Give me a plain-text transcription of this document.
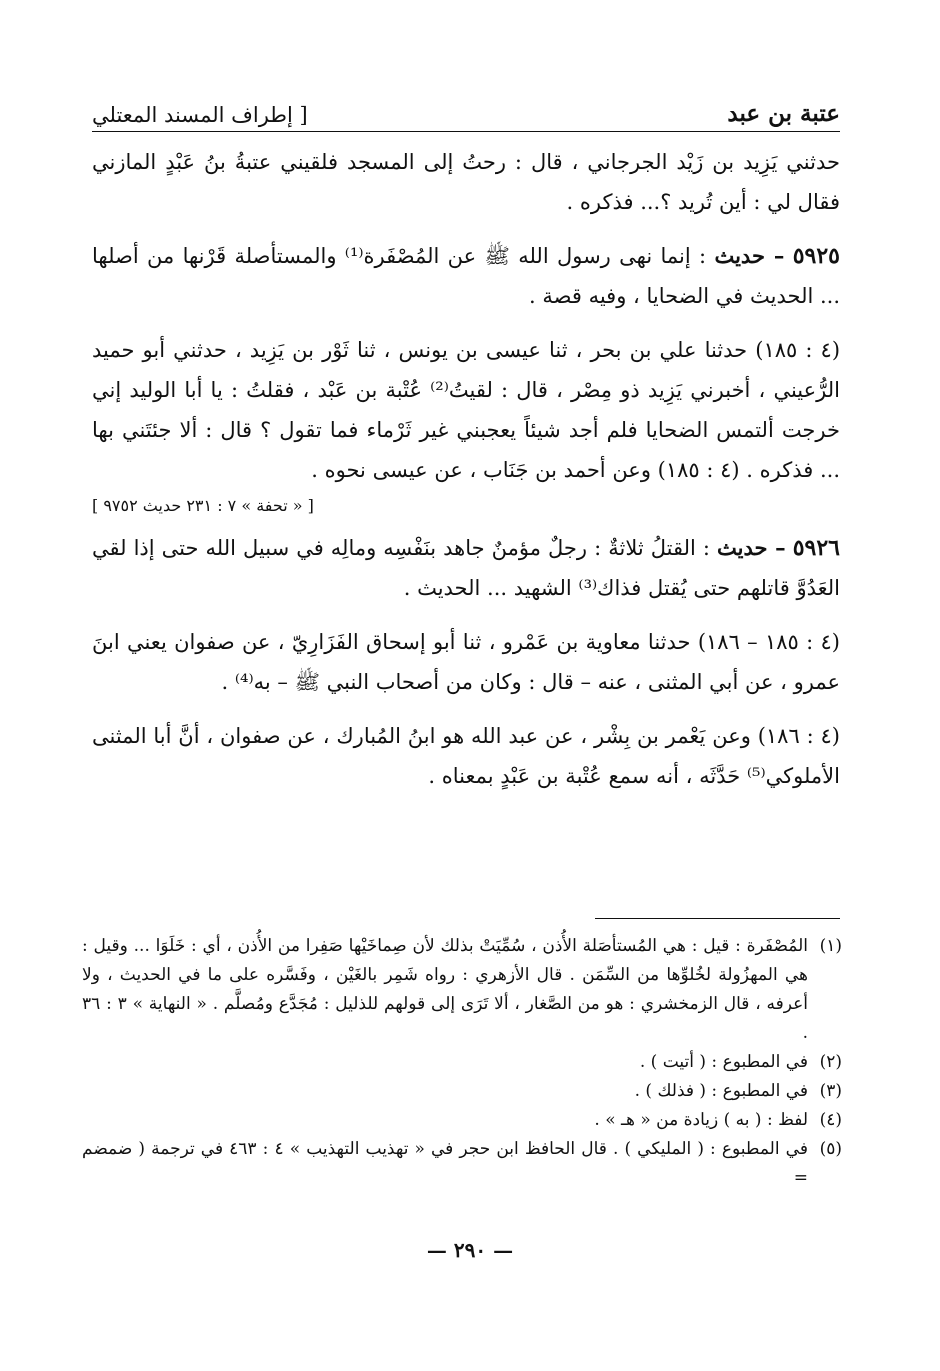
عتبة بن عبد
[ إطراف المسند المعتلي

حدثني يَزِيد بن زَيْد الجرجاني ، قال : رحتُ إلى المسجد فلقيني عتبةُ بنُ عَبْدٍ المازني فقال لي : أين تُريد ؟... فذكره .

٥٩٢٥ – حديث : إنما نهى رسول الله ﷺ عن المُصْفَرة⁽¹⁾ والمستأصلة قَرْنها من أصلها ... الحديث في الضحايا ، وفيه قصة .

(٤ : ١٨٥) حدثنا علي بن بحر ، ثنا عيسى بن يونس ، ثنا ثَوْر بن يَزِيد ، حدثني أبو حميد الرُّعيني ، أخبرني يَزِيد ذو مِصْر ، قال : لقيتُ⁽²⁾ عُتْبة بن عَبْد ، فقلتُ : يا أبا الوليد إني خرجت ألتمس الضحايا فلم أجد شيئاً يعجبني غير ثَرْماء فما تقول ؟ قال : ألا جئتَني بها ... فذكره . (٤ : ١٨٥) وعن أحمد بن جَنَاب ، عن عيسى نحوه .

[ « تحفة » ٧ : ٢٣١ حديث ٩٧٥٢ ]

٥٩٢٦ – حديث : القتلُ ثلاثةٌ : رجلٌ مؤمنٌ جاهد بنَفْسِه ومالِه في سبيل الله حتى إذا لقي العَدُوَّ قاتلهم حتى يُقتل فذاك⁽³⁾ الشهيد ... الحديث .

(٤ : ١٨٥ – ١٨٦) حدثنا معاوية بن عَمْرو ، ثنا أبو إسحاق الفَزَارِيّ ، عن صفوان يعني ابنَ عمرو ، عن أبي المثنى ، عنه – قال : وكان من أصحاب النبي ﷺ – به⁽⁴⁾ .

(٤ : ١٨٦) وعن يَعْمر بن بِشْر ، عن عبد الله هو ابنُ المُبارك ، عن صفوان ، أنَّ أبا المثنى الأملوكي⁽⁵⁾ حَدَّثَه ، أنه سمع عُتْبة بن عَبْدٍ بمعناه .

(١)
المُصْفَرة : قيل : هي المُستأصَلة الأُذن ، سُمِّيَتْ بذلك لأن صِماخَيْها صَفِرا من الأُذن ، أي : خَلَوَا ... وقيل : هي المهزُولة لخُلوِّها من السِّمَن . قال الأزهري : رواه شَمِر بالغَيْن ، وفَسَّره على ما في الحديث ، ولا أعرفه ، قال الزمخشري : هو من الصَّغار ، ألا تَرَى إلى قولهم للذليل : مُجَدَّع ومُصلَّم . « النهاية » ٣ : ٣٦ .
(٢)
في المطبوع : ( أتيت ) .
(٣)
في المطبوع : ( فذلك ) .
(٤)
لفظ : ( به ) زيادة من « هـ » .
(٥)
في المطبوع : ( المليكي ) . قال الحافظ ابن حجر في « تهذيب التهذيب » ٤ : ٤٦٣ في ترجمة ( ضمضم =
— ٢٩٠ —
